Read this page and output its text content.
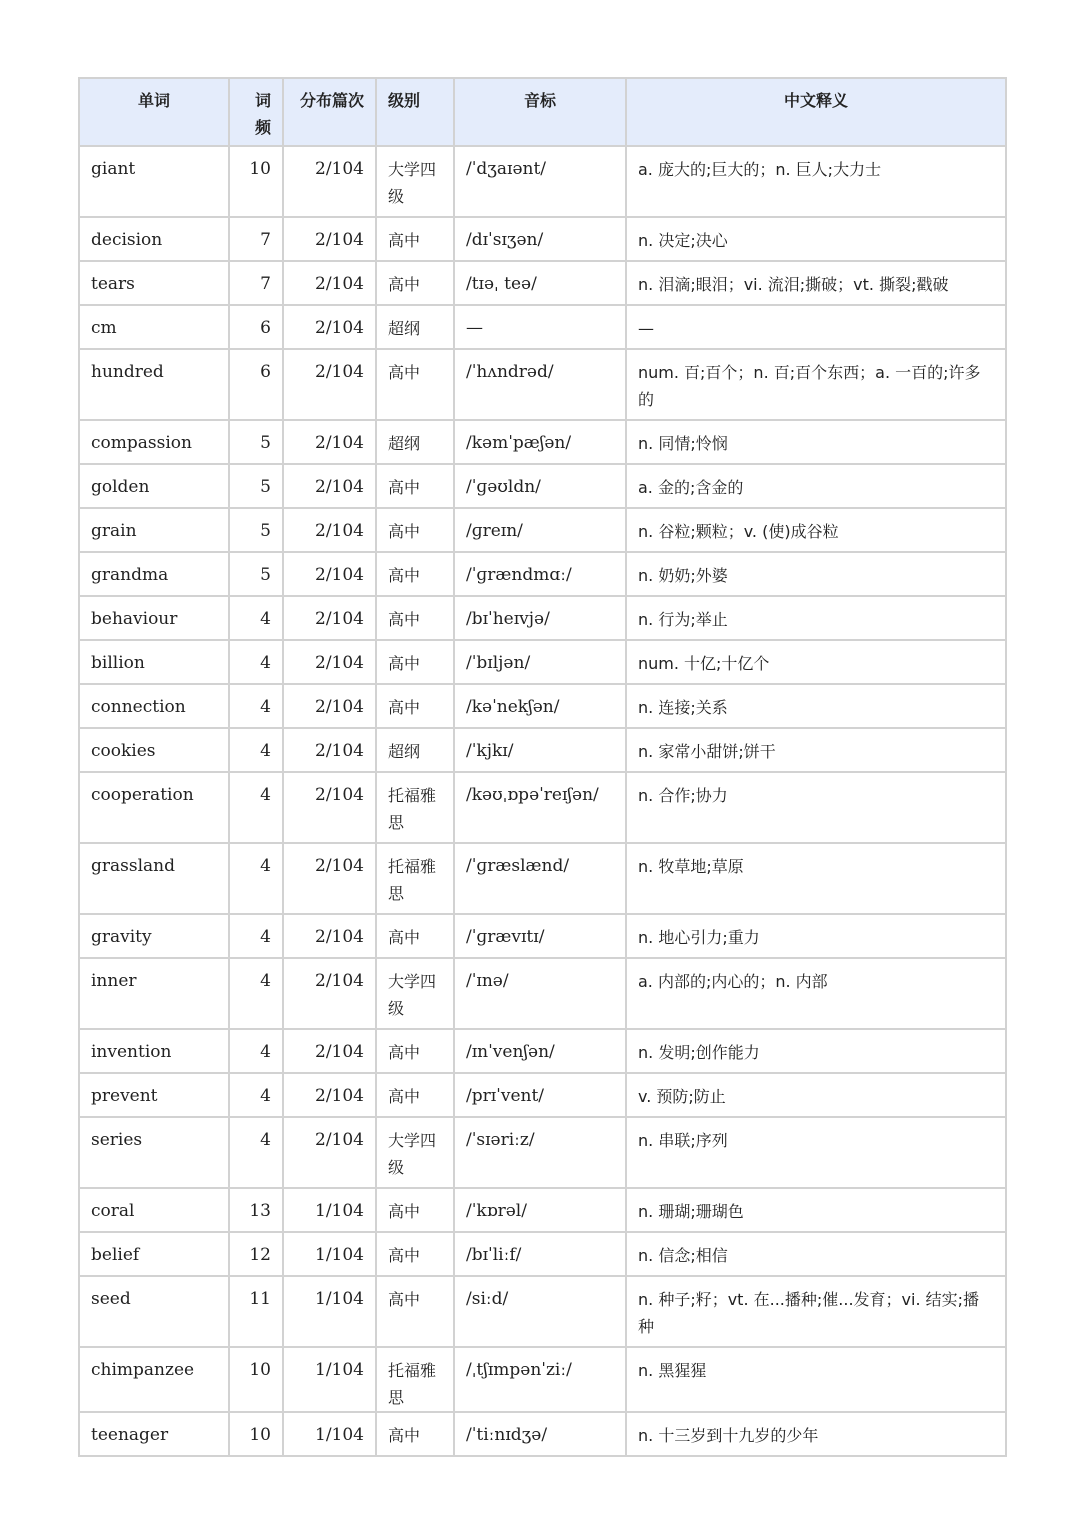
单词	词频	分布篇次	级别	音标	中文释义
giant	10	2/104	大学四级	/ˈdʒaɪənt/	a. 庞大的;巨大的；n. 巨人;大力士
decision	7	2/104	高中	/dɪˈsɪʒən/	n. 决定;决心
tears	7	2/104	高中	/tɪəˌ teə/	n. 泪滴;眼泪；vi. 流泪;撕破；vt. 撕裂;戳破
cm	6	2/104	超纲	—	—
hundred	6	2/104	高中	/ˈhʌndrəd/	num. 百;百个；n. 百;百个东西；a. 一百的;许多的
compassion	5	2/104	超纲	/kəmˈpæʃən/	n. 同情;怜悯
golden	5	2/104	高中	/ˈɡəʊldn/	a. 金的;含金的
grain	5	2/104	高中	/ɡreɪn/	n. 谷粒;颗粒；v. (使)成谷粒
grandma	5	2/104	高中	/ˈɡrændmɑː/	n. 奶奶;外婆
behaviour	4	2/104	高中	/bɪˈheɪvjə/	n. 行为;举止
billion	4	2/104	高中	/ˈbɪljən/	num. 十亿;十亿个
connection	4	2/104	高中	/kəˈnekʃən/	n. 连接;关系
cookies	4	2/104	超纲	/ˈkjkɪ/	n. 家常小甜饼;饼干
cooperation	4	2/104	托福雅思	/kəʊˌɒpəˈreɪʃən/	n. 合作;协力
grassland	4	2/104	托福雅思	/ˈɡræslænd/	n. 牧草地;草原
gravity	4	2/104	高中	/ˈɡrævɪtɪ/	n. 地心引力;重力
inner	4	2/104	大学四级	/ˈɪnə/	a. 内部的;内心的；n. 内部
invention	4	2/104	高中	/ɪnˈvenʃən/	n. 发明;创作能力
prevent	4	2/104	高中	/prɪˈvent/	v. 预防;防止
series	4	2/104	大学四级	/ˈsɪəriːz/	n. 串联;序列
coral	13	1/104	高中	/ˈkɒrəl/	n. 珊瑚;珊瑚色
belief	12	1/104	高中	/bɪˈliːf/	n. 信念;相信
seed	11	1/104	高中	/siːd/	n. 种子;籽；vt. 在...播种;催...发育；vi. 结实;播种
chimpanzee	10	1/104	托福雅思	/ˌtʃɪmpənˈziː/	n. 黑猩猩
teenager	10	1/104	高中	/ˈtiːnɪdʒə/	n. 十三岁到十九岁的少年
